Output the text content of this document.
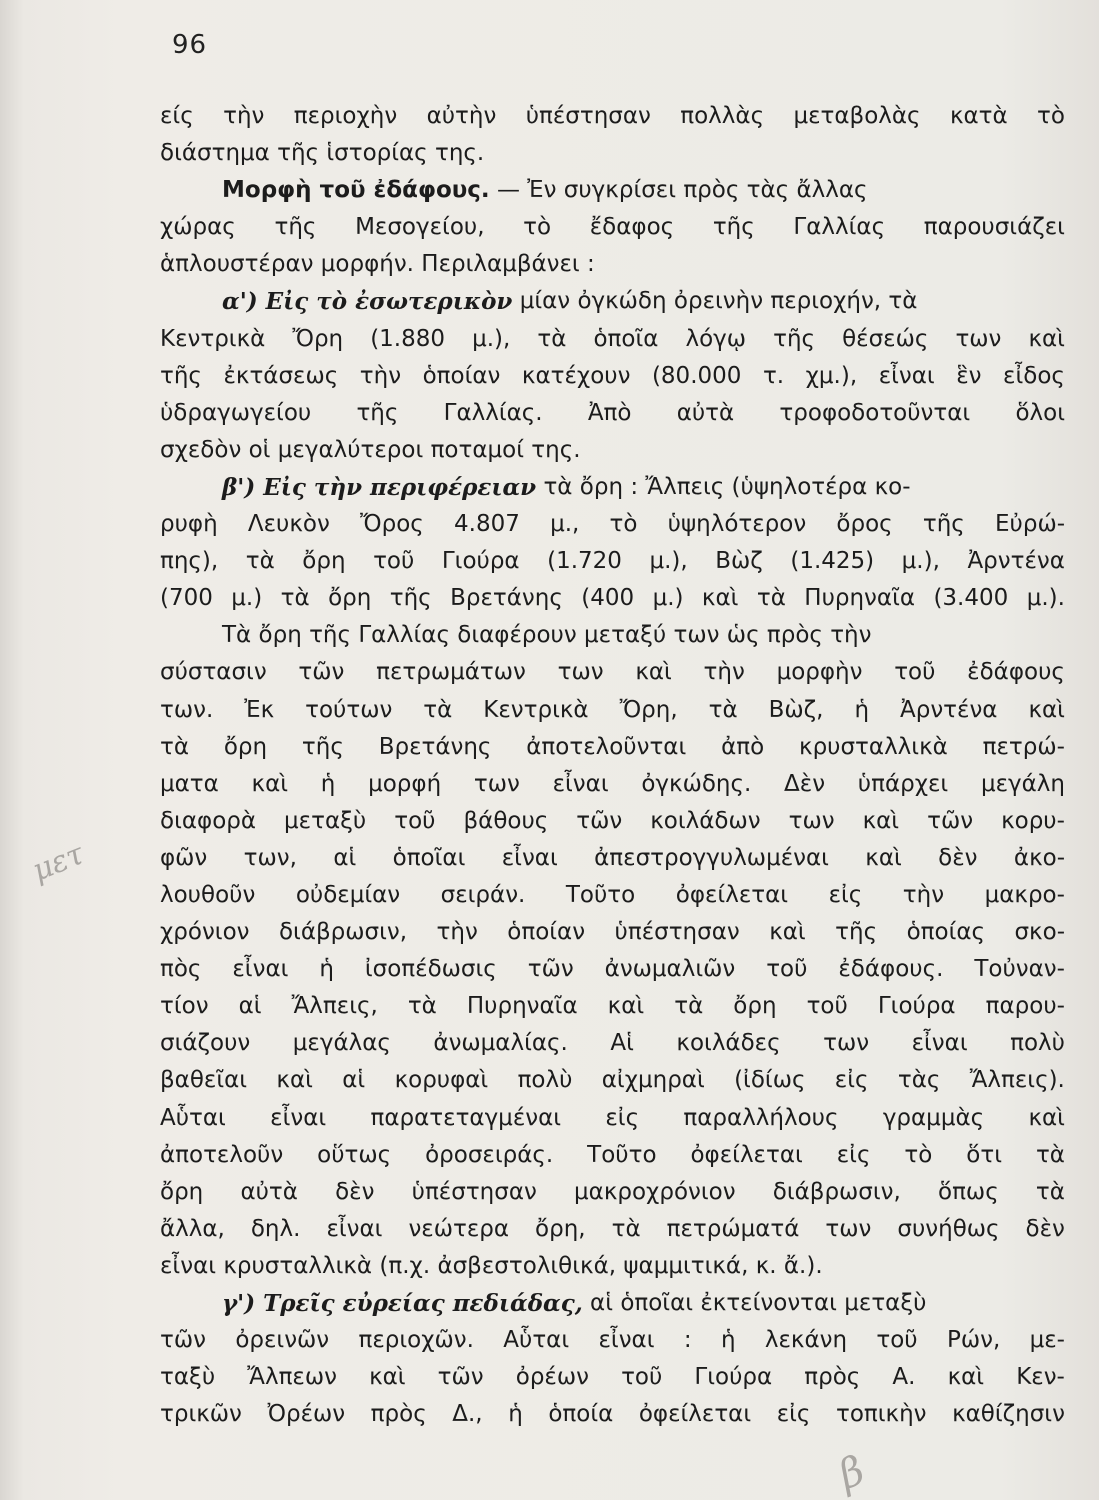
96
είς τὴν περιοχὴν αὐτὴν ὑπέστησαν πολλὰς μεταβολὰς κατὰ τὸ
διάστημα τῆς ἱστορίας της.
Μορφὴ τοῦ ἐδάφους. — Ἐν συγκρίσει πρὸς τὰς ἄλλας
χώρας τῆς Μεσογείου, τὸ ἔδαφος τῆς Γαλλίας παρουσιάζει
ἁπλουστέραν μορφήν. Περιλαμβάνει :
α') Εἰς τὸ ἐσωτερικὸν μίαν ὀγκώδη ὀρεινὴν περιοχήν, τὰ
Κεντρικὰ Ὄρη (1.880 μ.), τὰ ὁποῖα λόγῳ τῆς θέσεώς των καὶ
τῆς ἐκτάσεως τὴν ὁποίαν κατέχουν (80.000 τ. χμ.), εἶναι ἓν εἶδος
ὑδραγωγείου τῆς Γαλλίας. Ἀπὸ αὐτὰ τροφοδοτοῦνται ὅλοι
σχεδὸν οἱ μεγαλύτεροι ποταμοί της.
β') Εἰς τὴν περιφέρειαν τὰ ὄρη : Ἄλπεις (ὑψηλοτέρα κο-
ρυφὴ Λευκὸν Ὄρος 4.807 μ., τὸ ὑψηλότερον ὄρος τῆς Εὐρώ-
πης), τὰ ὄρη τοῦ Γιούρα (1.720 μ.), Βὼζ (1.425) μ.), Ἀρντένα
(700 μ.) τὰ ὄρη τῆς Βρετάνης (400 μ.) καὶ τὰ Πυρηναῖα (3.400 μ.).
Τὰ ὄρη τῆς Γαλλίας διαφέρουν μεταξύ των ὡς πρὸς τὴν
σύστασιν τῶν πετρωμάτων των καὶ τὴν μορφὴν τοῦ ἐδάφους
των. Ἐκ τούτων τὰ Κεντρικὰ Ὄρη, τὰ Βὼζ, ἡ Ἀρντένα καὶ
τὰ ὄρη τῆς Βρετάνης ἀποτελοῦνται ἀπὸ κρυσταλλικὰ πετρώ-
ματα καὶ ἡ μορφή των εἶναι ὀγκώδης. Δὲν ὑπάρχει μεγάλη
διαφορὰ μεταξὺ τοῦ βάθους τῶν κοιλάδων των καὶ τῶν κορυ-
φῶν των, αἱ ὁποῖαι εἶναι ἀπεστρογγυλωμέναι καὶ δὲν ἀκο-
λουθοῦν οὐδεμίαν σειράν. Τοῦτο ὀφείλεται εἰς τὴν μακρο-
χρόνιον διάβρωσιν, τὴν ὁποίαν ὑπέστησαν καὶ τῆς ὁποίας σκο-
πὸς εἶναι ἡ ἰσοπέδωσις τῶν ἀνωμαλιῶν τοῦ ἐδάφους. Τοὐναν-
τίον αἱ Ἄλπεις, τὰ Πυρηναῖα καὶ τὰ ὄρη τοῦ Γιούρα παρου-
σιάζουν μεγάλας ἀνωμαλίας. Αἱ κοιλάδες των εἶναι πολὺ
βαθεῖαι καὶ αἱ κορυφαὶ πολὺ αἰχμηραὶ (ἰδίως εἰς τὰς Ἄλπεις).
Αὗται εἶναι παρατεταγμέναι εἰς παραλλήλους γραμμὰς καὶ
ἀποτελοῦν οὕτως ὀροσειράς. Τοῦτο ὀφείλεται εἰς τὸ ὅτι τὰ
ὄρη αὐτὰ δὲν ὑπέστησαν μακροχρόνιον διάβρωσιν, ὅπως τὰ
ἄλλα, δηλ. εἶναι νεώτερα ὄρη, τὰ πετρώματά των συνήθως δὲν
εἶναι κρυσταλλικὰ (π.χ. ἀσβεστολιθικά, ψαμμιτικά, κ. ἄ.).
γ') Τρεῖς εὐρείας πεδιάδας, αἱ ὁποῖαι ἐκτείνονται μεταξὺ
τῶν ὀρεινῶν περιοχῶν. Αὗται εἶναι : ἡ λεκάνη τοῦ Ρών, με-
ταξὺ Ἄλπεων καὶ τῶν ὀρέων τοῦ Γιούρα πρὸς Α. καὶ Κεν-
τρικῶν Ὀρέων πρὸς Δ., ἡ ὁποία ὀφείλεται εἰς τοπικὴν καθίζησιν
μετ
β
